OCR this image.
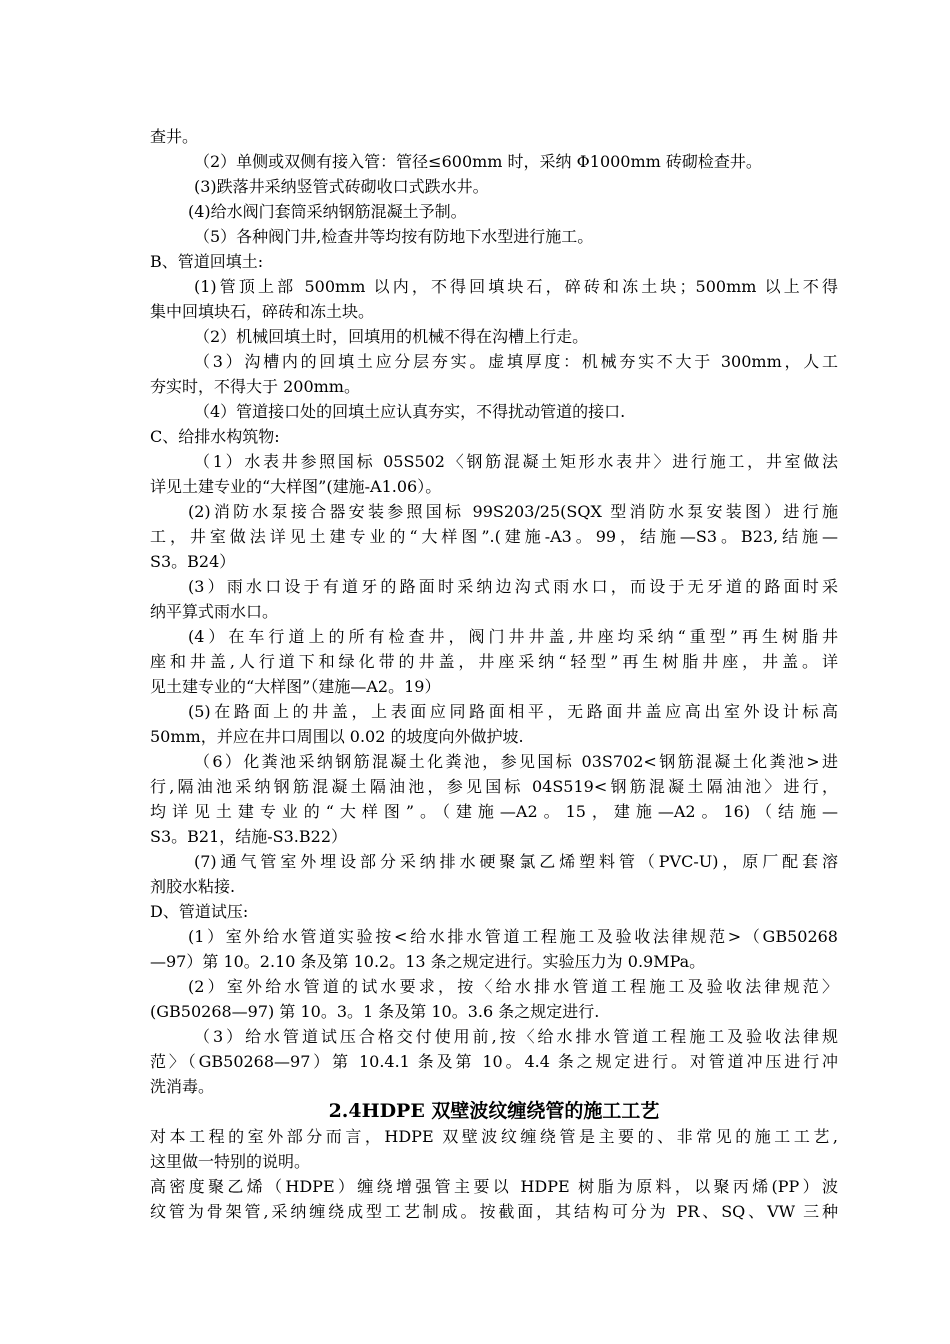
查井。
（2）单侧或双侧有接入管：管径≤600mm 时，采纳 Φ1000mm 砖砌检查井。
(3)跌落井采纳竖管式砖砌收口式跌水井。
(4)给水阀门套筒采纳钢筋混凝土予制。
（5）各种阀门井,检查井等均按有防地下水型进行施工。
B、管道回填土:
(1)管顶上部 500mm 以内，不得回填块石，碎砖和冻土块；500mm 以上不得
集中回填块石，碎砖和冻土块。
（2）机械回填土时，回填用的机械不得在沟槽上行走。
（3）沟槽内的回填土应分层夯实。虚填厚度：机械夯实不大于 300mm，人工
夯实时，不得大于 200mm。
（4）管道接口处的回填土应认真夯实，不得扰动管道的接口.
C、给排水构筑物:
（1）水表井参照国标 05S502〈钢筋混凝土矩形水表井〉进行施工，井室做法
详见土建专业的“大样图”(建施-A1.06）。
(2)消防水泵接合器安装参照国标 99S203/25(SQX 型消防水泵安装图）进行施
工，井室做法详见土建专业的“大样图”.(建施-A3。99，结施—S3。B23,结施—
S3。B24）
(3）雨水口设于有道牙的路面时采纳边沟式雨水口，而设于无牙道的路面时采
纳平算式雨水口。
(4）在车行道上的所有检查井，阀门井井盖,井座均采纳“重型”再生树脂井
座和井盖,人行道下和绿化带的井盖，井座采纳“轻型”再生树脂井座，井盖。详
见土建专业的“大样图”（建施—A2。19）
(5)在路面上的井盖，上表面应同路面相平，无路面井盖应高出室外设计标高
50mm，并应在井口周围以 0.02 的坡度向外做护坡.
（6）化粪池采纳钢筋混凝土化粪池，参见国标 03S702<钢筋混凝土化粪池>进
行,隔油池采纳钢筋混凝土隔油池，参见国标 04S519<钢筋混凝土隔油池〉进行，
均详见土建专业的“大样图”。（建施—A2。15，建施—A2。16)（结施—
S3。B21，结施-S3.B22）
(7)通气管室外埋设部分采纳排水硬聚氯乙烯塑料管（PVC-U)，原厂配套溶
剂胶水粘接.
D、管道试压:
(1）室外给水管道实验按<给水排水管道工程施工及验收法律规范>（GB50268
—97）第 10。2.10 条及第 10.2。13 条之规定进行。实验压力为 0.9MPa。
(2）室外给水管道的试水要求，按〈给水排水管道工程施工及验收法律规范〉
(GB50268—97) 第 10。3。1 条及第 10。3.6 条之规定进行.
（3）给水管道试压合格交付使用前,按〈给水排水管道工程施工及验收法律规
范〉（GB50268—97）第 10.4.1 条及第 10。4.4 条之规定进行。对管道冲压进行冲
洗消毒。
2.4HDPE 双壁波纹缠绕管的施工工艺
对本工程的室外部分而言，HDPE 双壁波纹缠绕管是主要的、非常见的施工工艺,
这里做一特别的说明。
高密度聚乙烯（HDPE）缠绕增强管主要以 HDPE 树脂为原料，以聚丙烯(PP）波
纹管为骨架管,采纳缠绕成型工艺制成。按截面，其结构可分为 PR、SQ、VW 三种
